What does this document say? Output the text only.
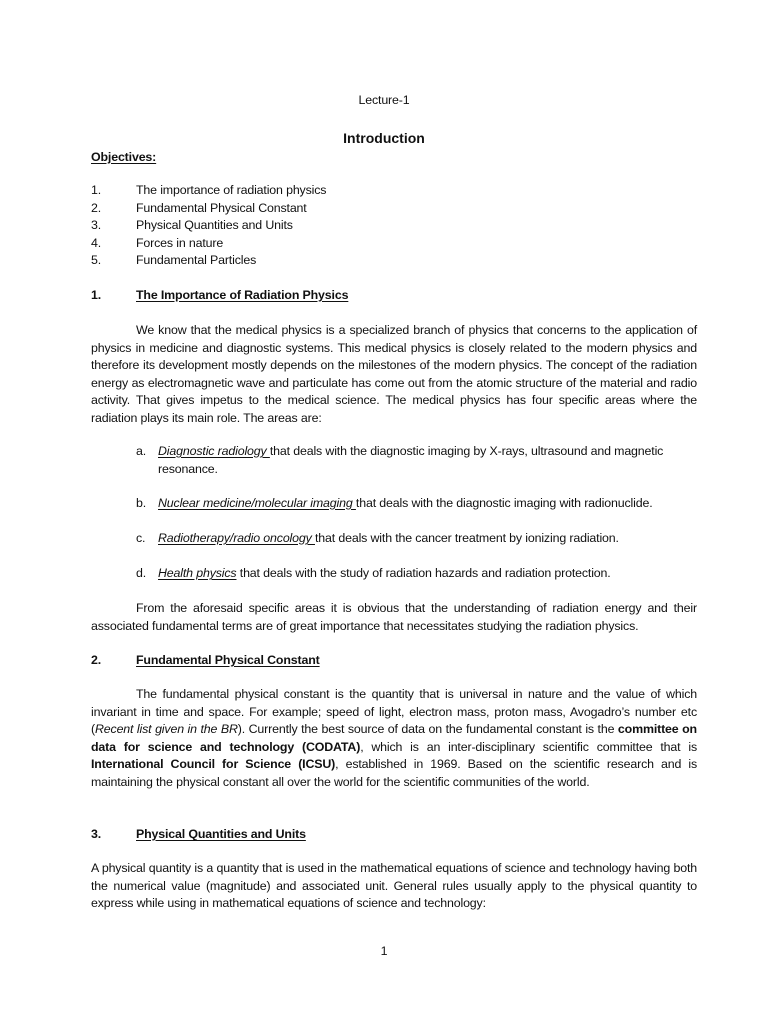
Lecture-1
Introduction
Objectives:
1.	The importance of radiation physics
2.	Fundamental Physical Constant
3.	Physical Quantities and Units
4.	Forces in nature
5.	Fundamental Particles
1.	The Importance of Radiation Physics

We know that the medical physics is a specialized branch of physics that concerns to the application of physics in medicine and diagnostic systems. This medical physics is closely related to the modern physics and therefore its development mostly depends on the milestones of the modern physics. The concept of the radiation energy as electromagnetic wave and particulate has come out from the atomic structure of the material and radio activity. That gives impetus to the medical science. The medical physics has four specific areas where the radiation plays its main role. The areas are:

a. Diagnostic radiology that deals with the diagnostic imaging by X-rays, ultrasound and magnetic resonance.
b. Nuclear medicine/molecular imaging that deals with the diagnostic imaging with radionuclide.
c.	Radiotherapy/radio oncology that deals with the cancer treatment by ionizing radiation.
d. Health physics that deals with the study of radiation hazards and radiation protection.

From the aforesaid specific areas it is obvious that the understanding of radiation energy and their associated fundamental terms are of great importance that necessitates studying the radiation physics.

2.	Fundamental Physical Constant

The fundamental physical constant is the quantity that is universal in nature and the value of which invariant in time and space. For example; speed of light, electron mass, proton mass, Avogadro’s number etc (Recent list given in the BR). Currently the best source of data on the fundamental constant is the committee on data for science and technology (CODATA), which is an inter-disciplinary scientific committee that is International Council for Science (ICSU), established in 1969. Based on the scientific research and is maintaining the physical constant all over the world for the scientific communities of the world.

3.	Physical Quantities and Units

A physical quantity is a quantity that is used in the mathematical equations of science and technology having both the numerical value (magnitude) and associated unit. General rules usually apply to the physical quantity to express while using in mathematical equations of science and technology:

1
